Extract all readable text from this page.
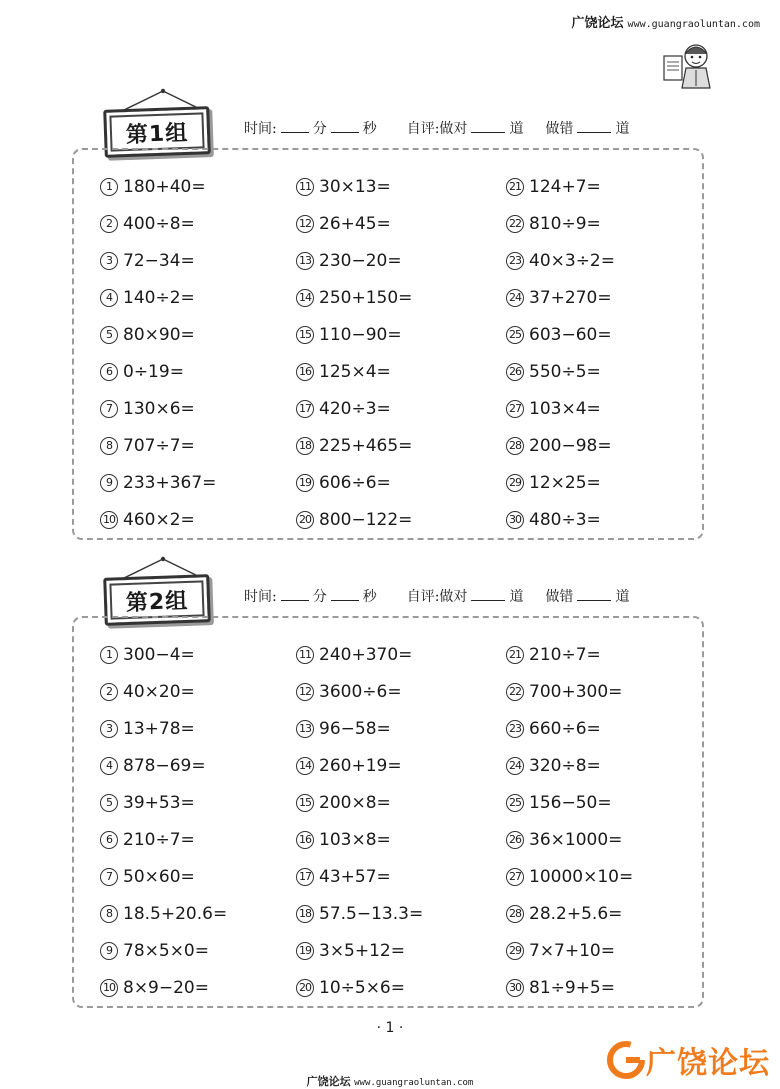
广饶论坛 www.guangraoluntan.com
第1组	时间:	分	秒 自评:做对	道 做错	道
1 180+40=	11 30×13=	21 124+7=
2 400÷8=	12 26+45=	22 810÷9=
3 72−34=	13 230−20=	23 40×3÷2=
4 140÷2=	14 250+150=	24 37+270=
5 80×90=	15 110−90=	25 603−60=
6 0÷19=	16 125×4=	26 550÷5=
7 130×6=	17 420÷3=	27 103×4=
8 707÷7=	18 225+465=	28 200−98=
9 233+367=	19 606÷6=	29 12×25=
10 460×2=	20 800−122=	30 480÷3=
第2组	时间:	分	秒 自评:做对	道 做错	道
1 300−4=	11 240+370=	21 210÷7=
2 40×20=	12 3600÷6=	22 700+300=
3 13+78=	13 96−58=	23 660÷6=
4 878−69=	14 260+19=	24 320÷8=
5 39+53=	15 200×8=	25 156−50=
6 210÷7=	16 103×8=	26 36×1000=
7 50×60=	17 43+57=	27 10000×10=
8 18.5+20.6=	18 57.5−13.3=	28 28.2+5.6=
9 78×5×0=	19 3×5+12=	29 7×7+10=
10 8×9−20=	20 10÷5×6=	30 81÷9+5=
· 1 ·
广饶论坛
广饶论坛 www.guangraoluntan.com
